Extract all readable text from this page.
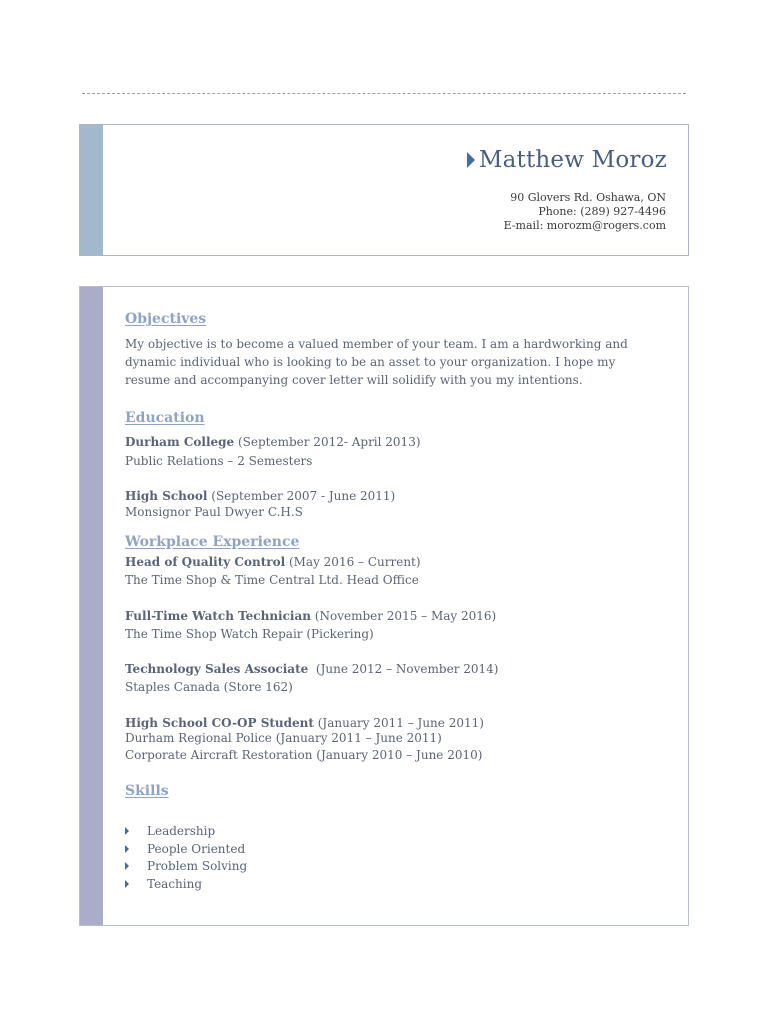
Matthew Moroz
90 Glovers Rd. Oshawa, ON
Phone: (289) 927-4496
E-mail: morozm@rogers.com
Objectives
My objective is to become a valued member of your team. I am a hardworking and
dynamic individual who is looking to be an asset to your organization. I hope my
resume and accompanying cover letter will solidify with you my intentions.
Education
Durham College (September 2012- April 2013)
Public Relations – 2 Semesters
High School (September 2007 - June 2011)
Monsignor Paul Dwyer C.H.S
Workplace Experience
Head of Quality Control (May 2016 – Current)
The Time Shop & Time Central Ltd. Head Office
Full-Time Watch Technician (November 2015 – May 2016)
The Time Shop Watch Repair (Pickering)
Technology Sales Associate  (June 2012 – November 2014)
Staples Canada (Store 162)
High School CO-OP Student (January 2011 – June 2011)
Durham Regional Police (January 2011 – June 2011)
Corporate Aircraft Restoration (January 2010 – June 2010)
Skills
Leadership
People Oriented
Problem Solving
Teaching
